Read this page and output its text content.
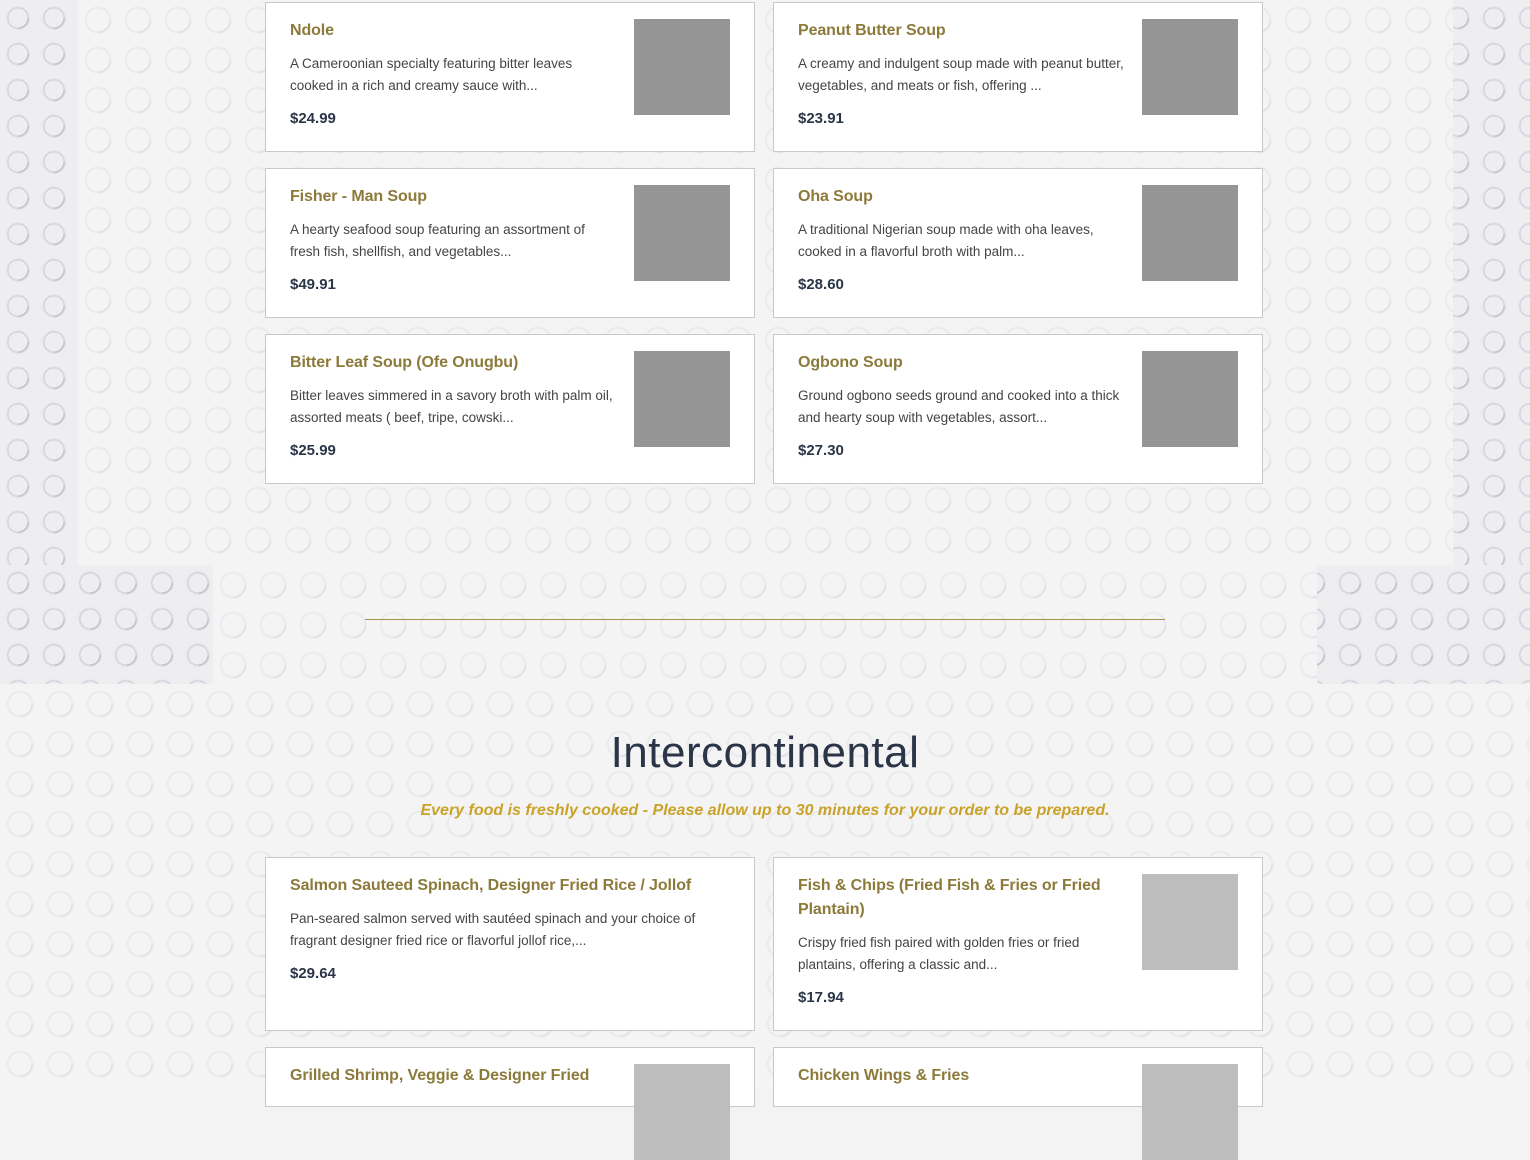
Ndole

A Cameroonian specialty featuring bitter leaves cooked in a rich and creamy sauce with...

$24.99
Peanut Butter Soup

A creamy and indulgent soup made with peanut butter, vegetables, and meats or fish, offering ...

$23.91
Fisher - Man Soup

A hearty seafood soup featuring an assortment of fresh fish, shellfish, and vegetables...

$49.91
Oha Soup

A traditional Nigerian soup made with oha leaves, cooked in a flavorful broth with palm...

$28.60
Bitter Leaf Soup (Ofe Onugbu)

Bitter leaves simmered in a savory broth with palm oil, assorted meats ( beef, tripe, cowski...

$25.99
Ogbono Soup

Ground ogbono seeds ground and cooked into a thick and hearty soup with vegetables, assort...

$27.30
Intercontinental

Every food is freshly cooked - Please allow up to 30 minutes for your order to be prepared.

Salmon Sauteed Spinach, Designer Fried Rice / Jollof

Pan-seared salmon served with sautéed spinach and your choice of fragrant designer fried rice or flavorful jollof rice,...

$29.64
Fish & Chips (Fried Fish & Fries or Fried Plantain)

Crispy fried fish paired with golden fries or fried plantains, offering a classic and...

$17.94
Grilled Shrimp, Veggie & Designer Fried	Chicken Wings & Fries
